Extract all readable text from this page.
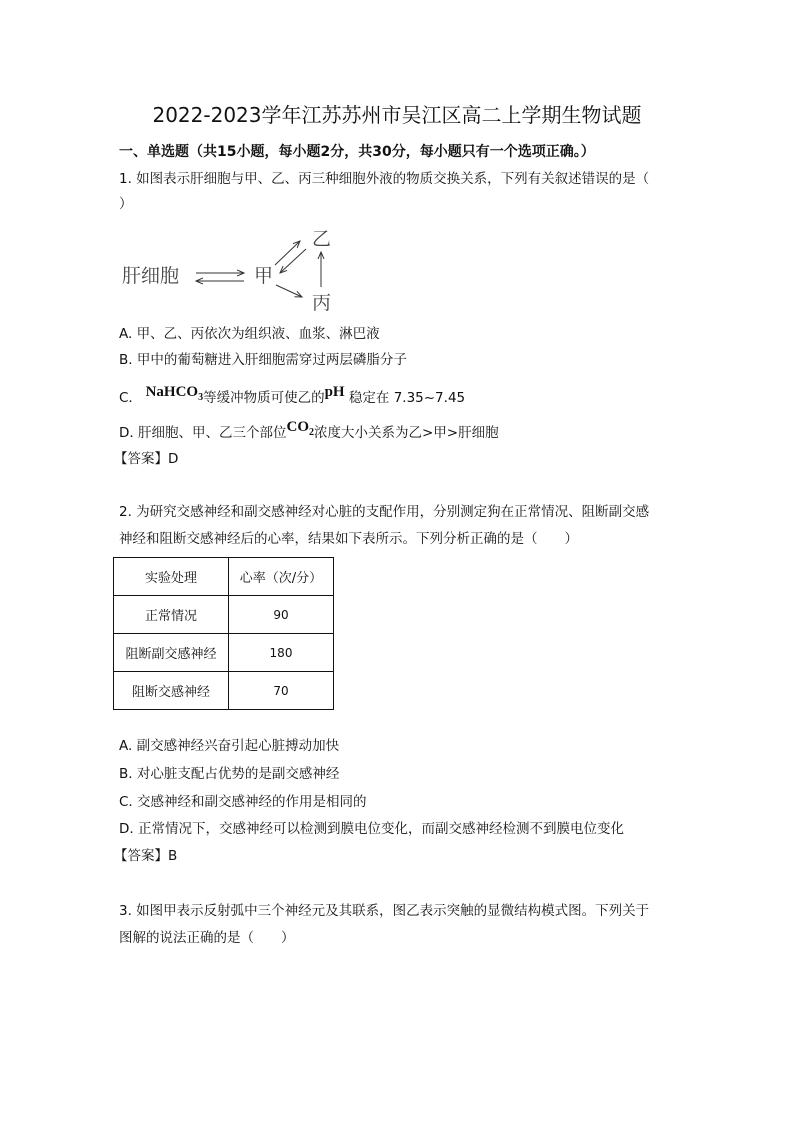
2022-2023学年江苏苏州市吴江区高二上学期生物试题
一、单选题（共15小题，每小题2分，共30分，每小题只有一个选项正确。）
1. 如图表示肝细胞与甲、乙、丙三种细胞外液的物质交换关系，下列有关叙述错误的是（
）
肝细胞	甲
乙
丙
A. 甲、乙、丙依次为组织液、血浆、淋巴液
B. 甲中的葡萄糖进入肝细胞需穿过两层磷脂分子
C. NaHCO$_3$等缓冲物质可使乙的pH 稳定在 7.35~7.45
D. 肝细胞、甲、乙三个部位$CO_2$浓度大小关系为乙>甲>肝细胞
【答案】D
2. 为研究交感神经和副交感神经对心脏的支配作用，分别测定狗在正常情况、阻断副交感
神经和阻断交感神经后的心率，结果如下表所示。下列分析正确的是（　　）
实验处理	心率（次/分）
正常情况	90
阻断副交感神经	180
阻断交感神经	70
A. 副交感神经兴奋引起心脏搏动加快
B. 对心脏支配占优势的是副交感神经
C. 交感神经和副交感神经的作用是相同的
D. 正常情况下，交感神经可以检测到膜电位变化，而副交感神经检测不到膜电位变化
【答案】B
3. 如图甲表示反射弧中三个神经元及其联系，图乙表示突触的显微结构模式图。下列关于
图解的说法正确的是（　　）
